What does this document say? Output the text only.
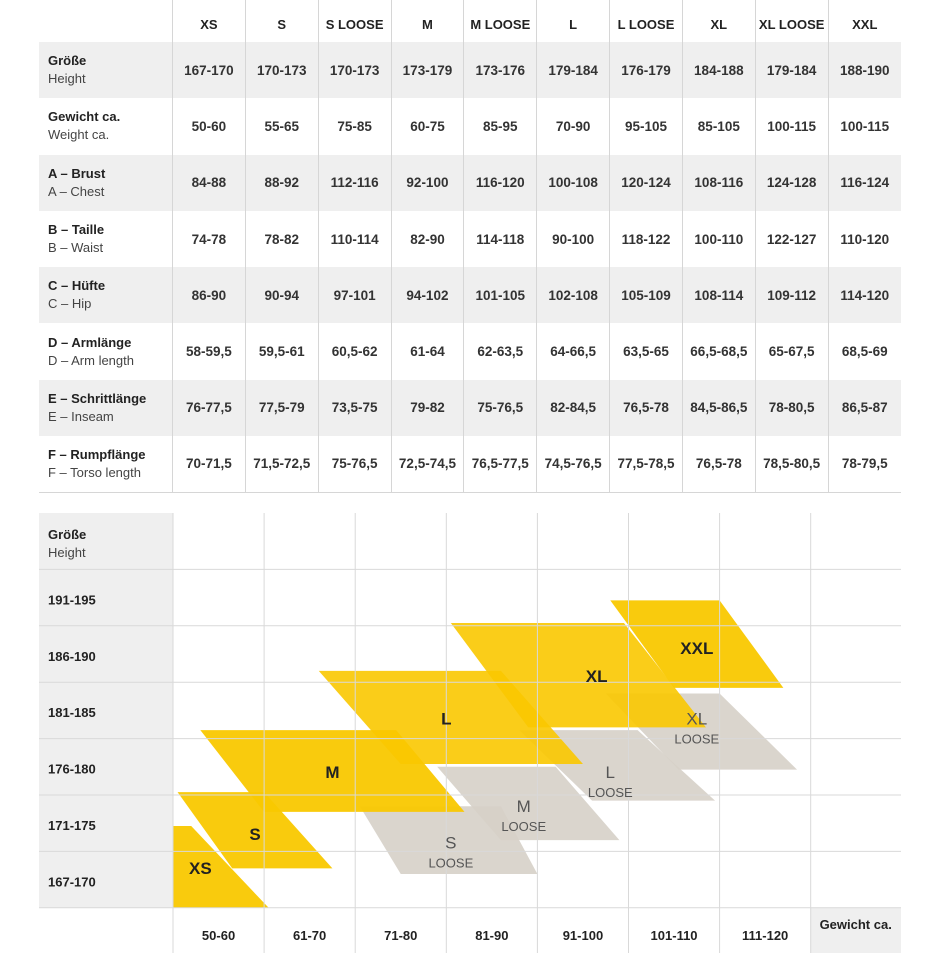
	XS	S	S LOOSE	M	M LOOSE	L	L LOOSE	XL	XL LOOSE	XXL

Größe
Height	167-170	170-173	170-173	173-179	173-176	179-184	176-179	184-188	179-184	188-190

Gewicht ca.
Weight ca.	50-60	55-65	75-85	60-75	85-95	70-90	95-105	85-105	100-115	100-115

A – Brust
A – Chest	84-88	88-92	112-116	92-100	116-120	100-108	120-124	108-116	124-128	116-124

B – Taille
B – Waist	74-78	78-82	110-114	82-90	114-118	90-100	118-122	100-110	122-127	110-120

C – Hüfte
C – Hip	86-90	90-94	97-101	94-102	101-105	102-108	105-109	108-114	109-112	114-120

D – Armlänge
D – Arm length	58-59,5	59,5-61	60,5-62	61-64	62-63,5	64-66,5	63,5-65	66,5-68,5	65-67,5	68,5-69

E – Schrittlänge
E – Inseam	76-77,5	77,5-79	73,5-75	79-82	75-76,5	82-84,5	76,5-78	84,5-86,5	78-80,5	86,5-87

F – Rumpflänge
F – Torso length	70-71,5	71,5-72,5	75-76,5	72,5-74,5	76,5-77,5	74,5-76,5	77,5-78,5	76,5-78	78,5-80,5	78-79,5
Größe
Height
191-195
186-190
181-185
176-180
171-175
167-170
50-60	61-70	71-80	81-90	91-100	101-110	111-120
Gewicht ca.
XS
S
M
L
XL
XXL
S
LOOSE
M
LOOSE
L
LOOSE
XL
LOOSE
